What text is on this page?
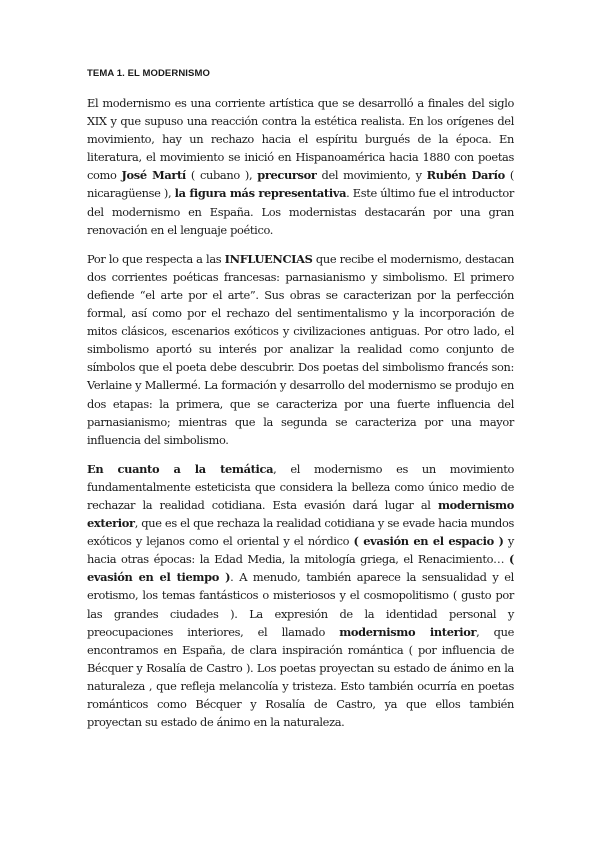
TEMA 1. EL MODERNISMO

El modernismo es una corriente artística que se desarrolló a finales del siglo XIX y que supuso una reacción contra la estética realista. En los orígenes del movimiento, hay un rechazo hacia el espíritu burgués de la época. En literatura, el movimiento se inició en Hispanoamérica hacia 1880 con poetas como José Martí ( cubano ), precursor del movimiento, y Rubén Darío ( nicaragüense ), la figura más representativa. Este último fue el introductor del modernismo en España. Los modernistas destacarán por una gran renovación en el lenguaje poético.

Por lo que respecta a las INFLUENCIAS que recibe el modernismo, destacan dos corrientes poéticas francesas: parnasianismo y simbolismo. El primero defiende “el arte por el arte”. Sus obras se caracterizan por la perfección formal, así como por el rechazo del sentimentalismo y la incorporación de mitos clásicos, escenarios exóticos y civilizaciones antiguas. Por otro lado, el simbolismo aportó su interés por analizar la realidad como conjunto de símbolos que el poeta debe descubrir. Dos poetas del simbolismo francés son: Verlaine y Mallermé. La formación y desarrollo del modernismo se produjo en dos etapas: la primera, que se caracteriza por una fuerte influencia del parnasianismo; mientras que la segunda se caracteriza por una mayor influencia del simbolismo.

En cuanto a la temática, el modernismo es un movimiento fundamentalmente esteticista que considera la belleza como único medio de rechazar la realidad cotidiana. Esta evasión dará lugar al modernismo exterior, que es el que rechaza la realidad cotidiana y se evade hacia mundos exóticos y lejanos como el oriental y el nórdico ( evasión en el espacio ) y hacia otras épocas: la Edad Media, la mitología griega, el Renacimiento… ( evasión en el tiempo ). A menudo, también aparece la sensualidad y el erotismo, los temas fantásticos o misteriosos y el cosmopolitismo ( gusto por las grandes ciudades ). La expresión de la identidad personal y preocupaciones interiores, el llamado modernismo interior, que encontramos en España, de clara inspiración romántica ( por influencia de Bécquer y Rosalía de Castro ). Los poetas proyectan su estado de ánimo en la naturaleza , que refleja melancolía y tristeza. Esto también ocurría en poetas románticos como Bécquer y Rosalía de Castro, ya que ellos también proyectan su estado de ánimo en la naturaleza.
